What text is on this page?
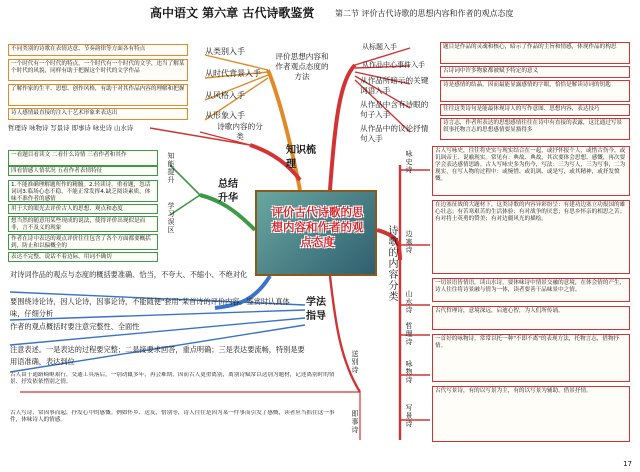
高中语文 第六章 古代诗歌鉴赏	第二节 评价古代诗歌的思想内容和作者的观点态度
不同类别的诗歌在表情达意、节奏韵律等方面各有特点
一个时代有一个时代的特点，一个时代有一个时代的文学，违当了解某个时代的风貌，同样有助于把握这个时代的文学作品
了解作家的生平、思想、创作风格，有助于对其作品内容的理解和把握
诗人感情最直接的注入于艺术形象来表达出
从类别入手
从时代背景入手
从风格入手
从形象入手
评价思想内容和作者观点态度的方法
哲理诗 咏物诗 写景诗 即事诗 咏史诗 山水诗	诗歌内容的分类
知识梳理
从标题入手
从作品中心事件入手
从作品所暗示的关键词语入手
从作品中含有诗眼的句子入手
从作品中的议论抒情句入手
题目是作品的灵魂和核心，暗示了作品的主旨和情感，体现作品的构思
古诗词中许多物象都被赋予特定的意义
诗是感情的结晶，因而最能显露感情的字眼，恰恰是解读诗词的钥匙
往往这类诗句是能最体现诗人的写作意图、思想内容，表达技巧
诗言志，作者所表达的思想感情往往在诗中有直接的表露，这比通过写景叙事托物言志的思想感情要显豁得多
一看题目看读文 二看什么诗情 三看作者和其作
四看情感人情状况 五看作者表情特征	知能提升
总结升华
1.不能准确理解题所作的精髓。2.轻读诗，重看题，忽话词词3.临场心态不稳，不能正常发挥4.缺乏阅读素质，体味不准作者的感情
用于大的眼光去评价古人的思想、观点和态度
想当然的随意用某些现成的说法，使得评价出现似是而非，言不及义的现象
作者在诗中表达的观点评价往往包含了各个方面都要概括到，防止和以偏概全的
表达不完整，说话不着边际，用词不确切
学习误区	评价古代诗歌的思想内容和作者的观点态度
学法指导
对诗词作品的观点与态度的概括要准确、恰当，不夸大、不缩小、不绝对化
要围绕诗论诗，因人论诗，因事论诗，不能随便"套用"某首诗的评价内容。鉴赏时认真体味，仔细分析
作者的观点概括时要注意完整性、全面性
注意表述。一是表达的过程要完整；二是接要求回答，重点明确；三是表达要流畅，特别是要用语准确，表达到位
诗歌的内容分类
咏史诗
边塞诗
山水诗
哲理诗
咏物诗
写景诗
送别诗
即事诗
古人写咏史，往往将史实与现实结合在一起，或抒怀报个人，或惜古伤今，或讥讽帝王、说喻现实。常见有：典故、典故，其次要体会思想。感慨，再次要学会表达感情思路。古人写咏史多为伤今，写法：三为写人，三为写事，二为现实，在写人物的过程中：或惋惜、或讥讽、或是写，或其精神，或抒发愤慨。
在边塞征战的大题材下，这类诗歌的内容异彩纷呈：有建功边塞立功报国的雄心壮志；有苦寒艰苦的生活体验；有对战争的厌恶；有思乡怀亲的相思之苦；有对将士英勇的赞美；有对边疆风光的描绘。
一切景语皆情语。读山水诗，要体味诗中情景交融的意境，在体会情的产生，诗人往往将诗景融与情为一体，读者要善于品味景中之情。
古代哲理诗，意境深远，启迪心智，为人们所传诵。
一首好的咏物诗，常常以托一种"不即不离"的表现方法，托物言志，借物抒情。
古代写景诗，有的以写景为主，有的以写景为辅助，借景抒情。
古人由于通路崎岖艰行，交通工具落后，一别动辄多年，再会难期，因而古人更重离别，离别诗赋常以送别为题材，记述离别时的情景、抒发依依惜别之情。
古人写诗，常因事而起，抒发心中的感慨。例如怀乡、送友、惜别等，诗人往往是因为某一件事而引发了感慨，读者应当抓住这一事件，体味诗人的情感。
17
